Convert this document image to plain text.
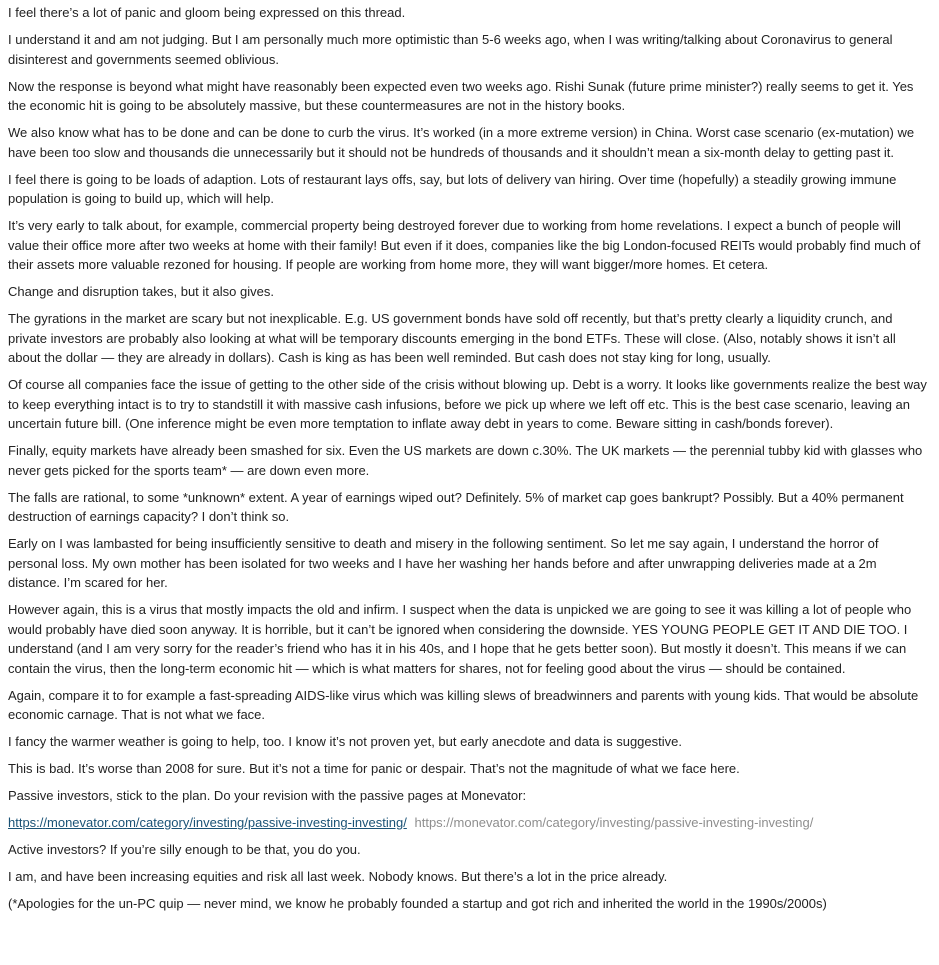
I feel there’s a lot of panic and gloom being expressed on this thread.

I understand it and am not judging. But I am personally much more optimistic than 5-6 weeks ago, when I was writing/talking about Coronavirus to general disinterest and governments seemed oblivious.

Now the response is beyond what might have reasonably been expected even two weeks ago. Rishi Sunak (future prime minister?) really seems to get it. Yes the economic hit is going to be absolutely massive, but these countermeasures are not in the history books.

We also know what has to be done and can be done to curb the virus. It’s worked (in a more extreme version) in China. Worst case scenario (ex-mutation) we have been too slow and thousands die unnecessarily but it should not be hundreds of thousands and it shouldn’t mean a six-month delay to getting past it.

I feel there is going to be loads of adaption. Lots of restaurant lays offs, say, but lots of delivery van hiring. Over time (hopefully) a steadily growing immune population is going to build up, which will help.

It’s very early to talk about, for example, commercial property being destroyed forever due to working from home revelations. I expect a bunch of people will value their office more after two weeks at home with their family! But even if it does, companies like the big London-focused REITs would probably find much of their assets more valuable rezoned for housing. If people are working from home more, they will want bigger/more homes. Et cetera.

Change and disruption takes, but it also gives.

The gyrations in the market are scary but not inexplicable. E.g. US government bonds have sold off recently, but that’s pretty clearly a liquidity crunch, and private investors are probably also looking at what will be temporary discounts emerging in the bond ETFs. These will close. (Also, notably shows it isn’t all about the dollar — they are already in dollars). Cash is king as has been well reminded. But cash does not stay king for long, usually.

Of course all companies face the issue of getting to the other side of the crisis without blowing up. Debt is a worry. It looks like governments realize the best way to keep everything intact is to try to standstill it with massive cash infusions, before we pick up where we left off etc. This is the best case scenario, leaving an uncertain future bill. (One inference might be even more temptation to inflate away debt in years to come. Beware sitting in cash/bonds forever).

Finally, equity markets have already been smashed for six. Even the US markets are down c.30%. The UK markets — the perennial tubby kid with glasses who never gets picked for the sports team* — are down even more.

The falls are rational, to some *unknown* extent. A year of earnings wiped out? Definitely. 5% of market cap goes bankrupt? Possibly. But a 40% permanent destruction of earnings capacity? I don’t think so.

Early on I was lambasted for being insufficiently sensitive to death and misery in the following sentiment. So let me say again, I understand the horror of personal loss. My own mother has been isolated for two weeks and I have her washing her hands before and after unwrapping deliveries made at a 2m distance. I’m scared for her.

However again, this is a virus that mostly impacts the old and infirm. I suspect when the data is unpicked we are going to see it was killing a lot of people who would probably have died soon anyway. It is horrible, but it can’t be ignored when considering the downside. YES YOUNG PEOPLE GET IT AND DIE TOO. I understand (and I am very sorry for the reader’s friend who has it in his 40s, and I hope that he gets better soon). But mostly it doesn’t. This means if we can contain the virus, then the long-term economic hit — which is what matters for shares, not for feeling good about the virus — should be contained.

Again, compare it to for example a fast-spreading AIDS-like virus which was killing slews of breadwinners and parents with young kids. That would be absolute economic carnage. That is not what we face.

I fancy the warmer weather is going to help, too. I know it’s not proven yet, but early anecdote and data is suggestive.

This is bad. It’s worse than 2008 for sure. But it’s not a time for panic or despair. That’s not the magnitude of what we face here.

Passive investors, stick to the plan. Do your revision with the passive pages at Monevator:

https://monevator.com/category/investing/passive-investing-investing/ https://monevator.com/category/investing/passive-investing-investing/

Active investors? If you’re silly enough to be that, you do you.

I am, and have been increasing equities and risk all last week. Nobody knows. But there’s a lot in the price already.

(*Apologies for the un-PC quip — never mind, we know he probably founded a startup and got rich and inherited the world in the 1990s/2000s)
